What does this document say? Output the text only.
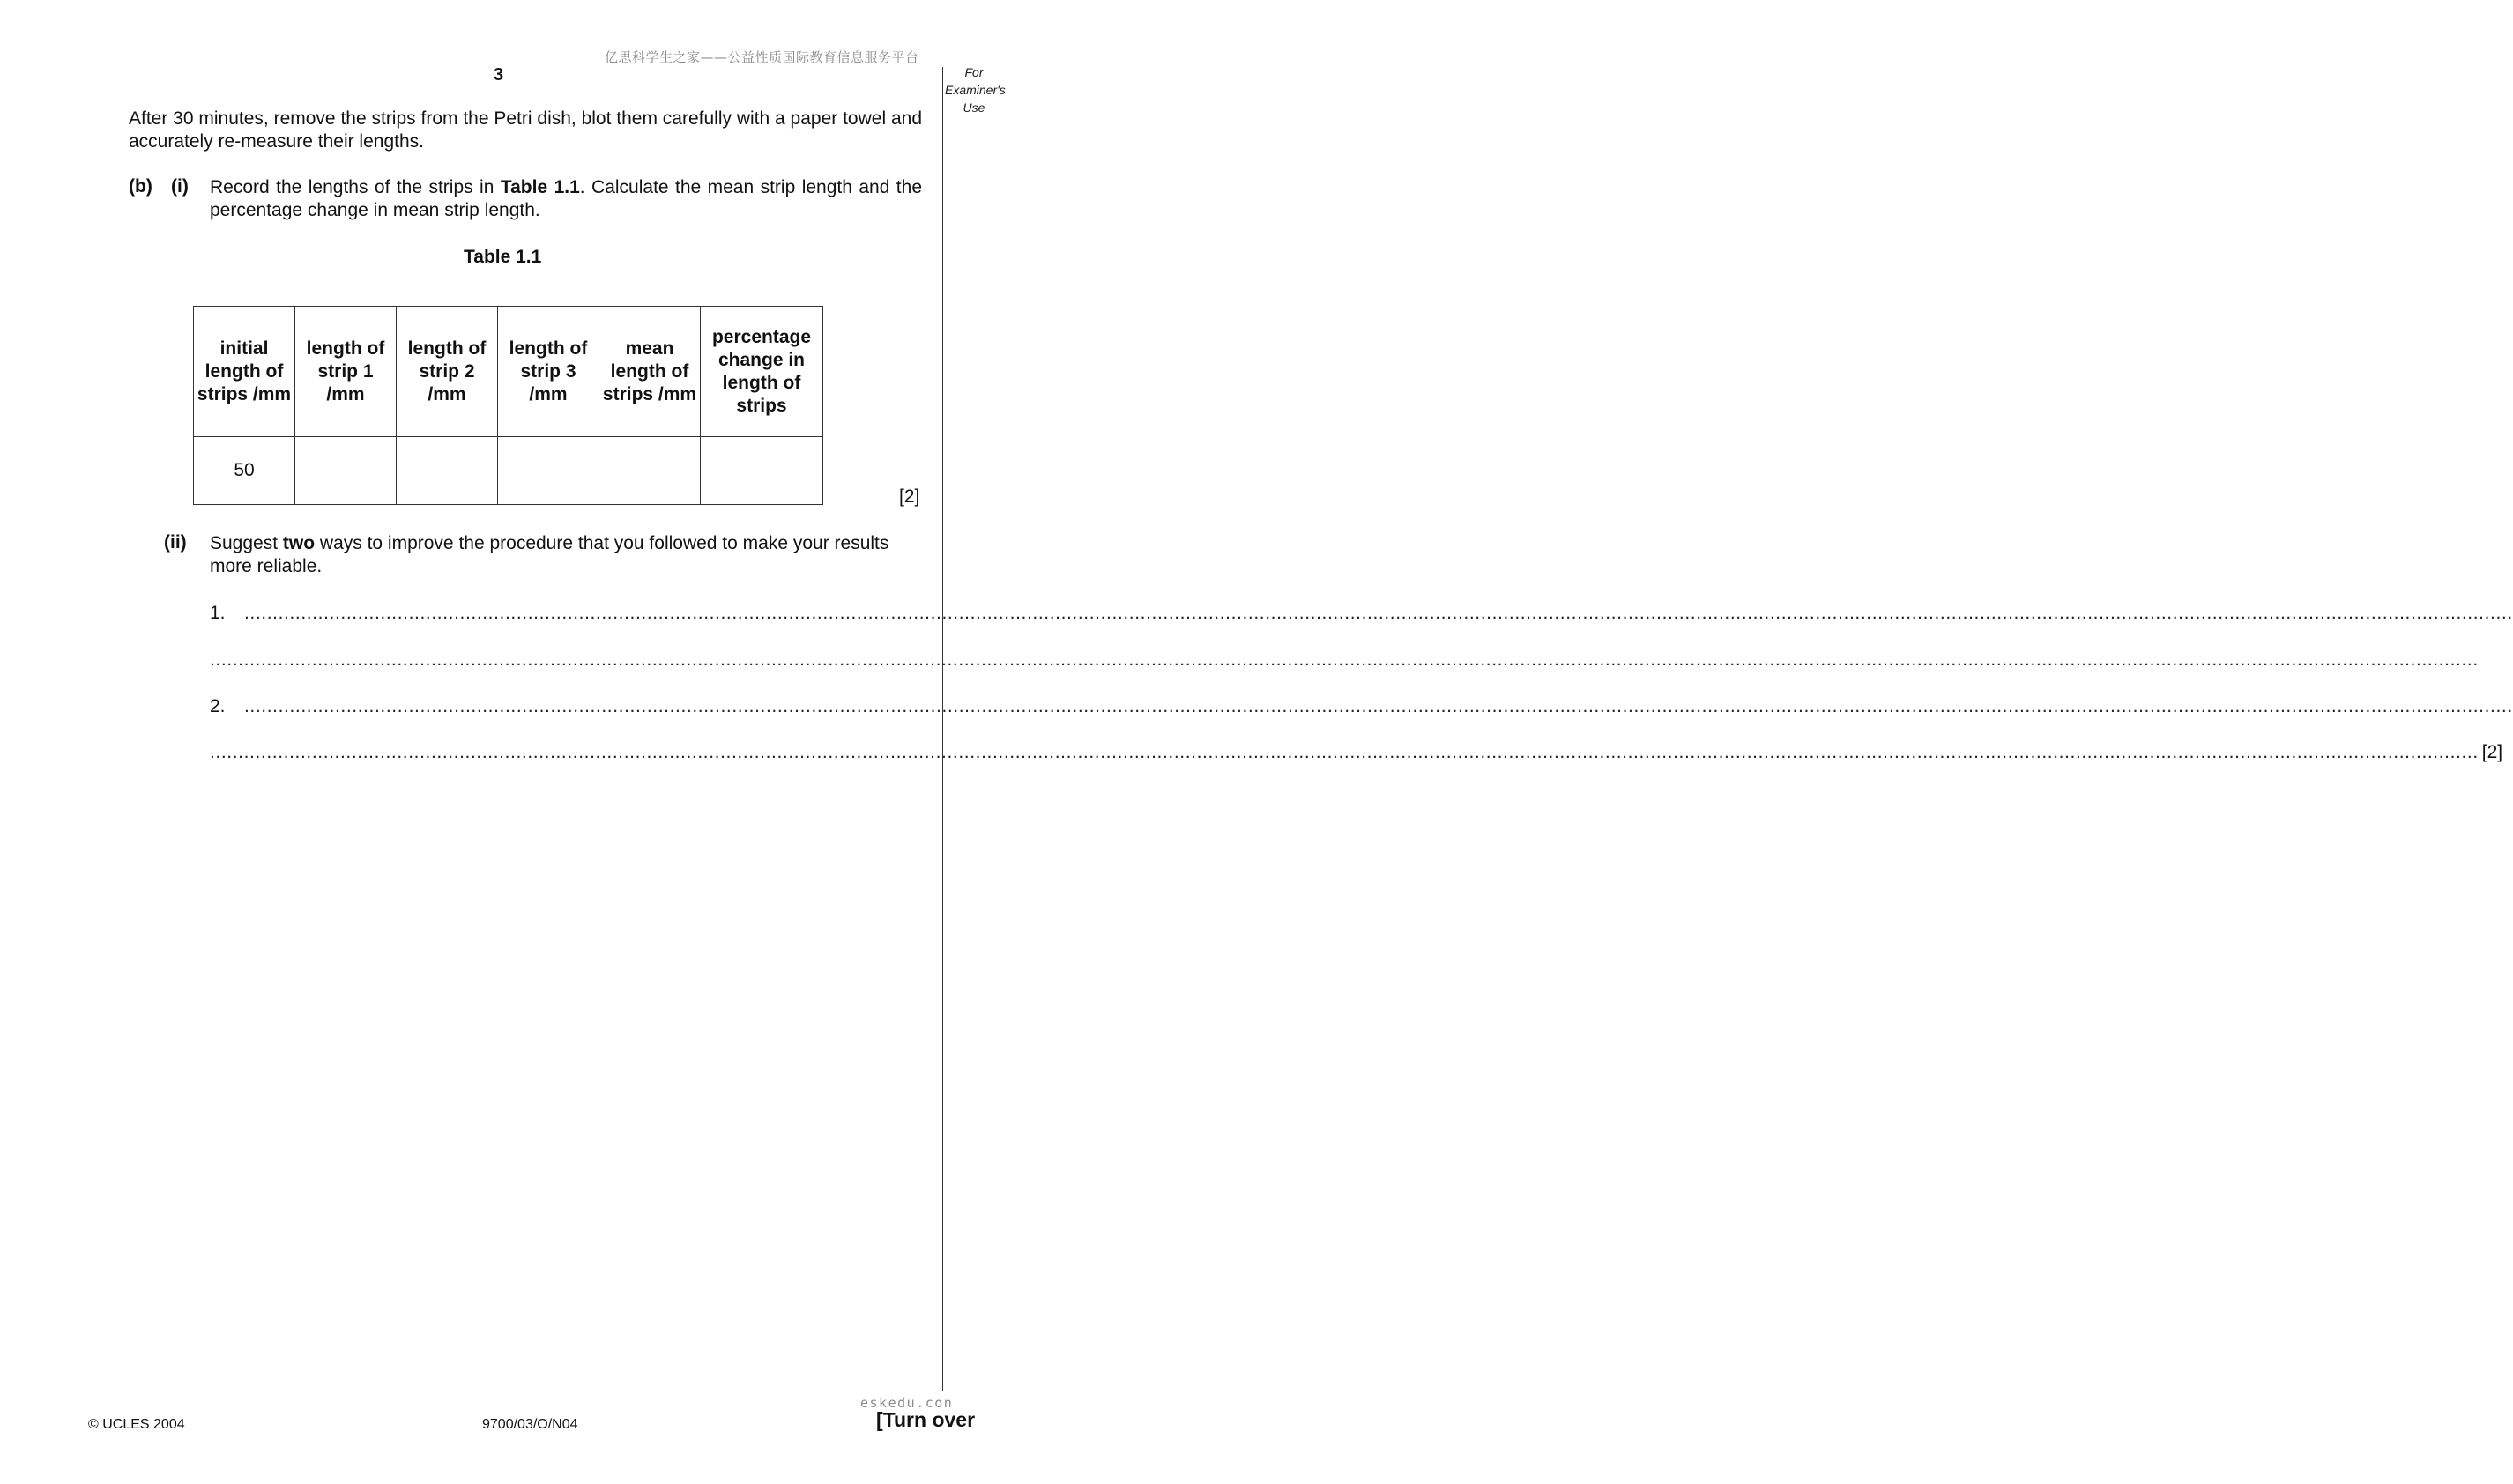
亿思科学生之家——公益性质国际教育信息服务平台
3	For Examiner's Use
After 30 minutes, remove the strips from the Petri dish, blot them carefully with a paper towel and accurately re-measure their lengths.
(b) (i) Record the lengths of the strips in Table 1.1. Calculate the mean strip length and the percentage change in mean strip length.
Table 1.1
initial length of strips /mm	length of strip 1 /mm	length of strip 2 /mm	length of strip 3 /mm	mean length of strips /mm	percentage change in length of strips
50					
[2]
(ii) Suggest two ways to improve the procedure that you followed to make your results more reliable.
1.	................................................................................................................................................................................................................................................................................................................................................................................................................
................................................................................................................................................................................................................................................................................................................................................................................................................
2.	................................................................................................................................................................................................................................................................................................................................................................................................................
................................................................................................................................................................................................................................................................................................................................................................................................................ [2]
eskedu.con
© UCLES 2004	9700/03/O/N04	[Turn over
